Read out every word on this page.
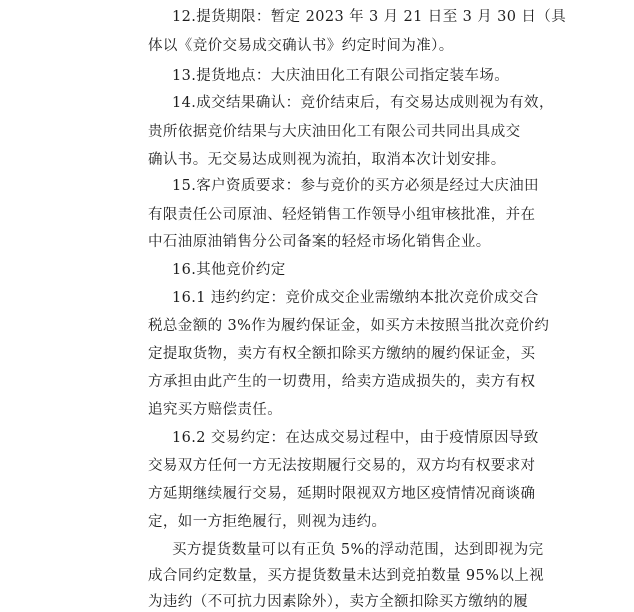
12.提货期限：暂定 2023 年 3 月 21 日至 3 月 30 日（具
体以《竞价交易成交确认书》约定时间为准）。
13.提货地点：大庆油田化工有限公司指定装车场。
14.成交结果确认：竞价结束后，有交易达成则视为有效，
贵所依据竞价结果与大庆油田化工有限公司共同出具成交
确认书。无交易达成则视为流拍，取消本次计划安排。
15.客户资质要求：参与竞价的买方必须是经过大庆油田
有限责任公司原油、轻烃销售工作领导小组审核批准，并在
中石油原油销售分公司备案的轻烃市场化销售企业。
16.其他竞价约定
16.1 违约约定：竞价成交企业需缴纳本批次竞价成交合
税总金额的 3%作为履约保证金，如买方未按照当批次竞价约
定提取货物，卖方有权全额扣除买方缴纳的履约保证金，买
方承担由此产生的一切费用，给卖方造成损失的，卖方有权
追究买方赔偿责任。
16.2 交易约定：在达成交易过程中，由于疫情原因导致
交易双方任何一方无法按期履行交易的，双方均有权要求对
方延期继续履行交易，延期时限视双方地区疫情情况商谈确
定，如一方拒绝履行，则视为违约。
买方提货数量可以有正负 5%的浮动范围，达到即视为完
成合同约定数量，买方提货数量未达到竞拍数量 95%以上视
为违约（不可抗力因素除外），卖方全额扣除买方缴纳的履
